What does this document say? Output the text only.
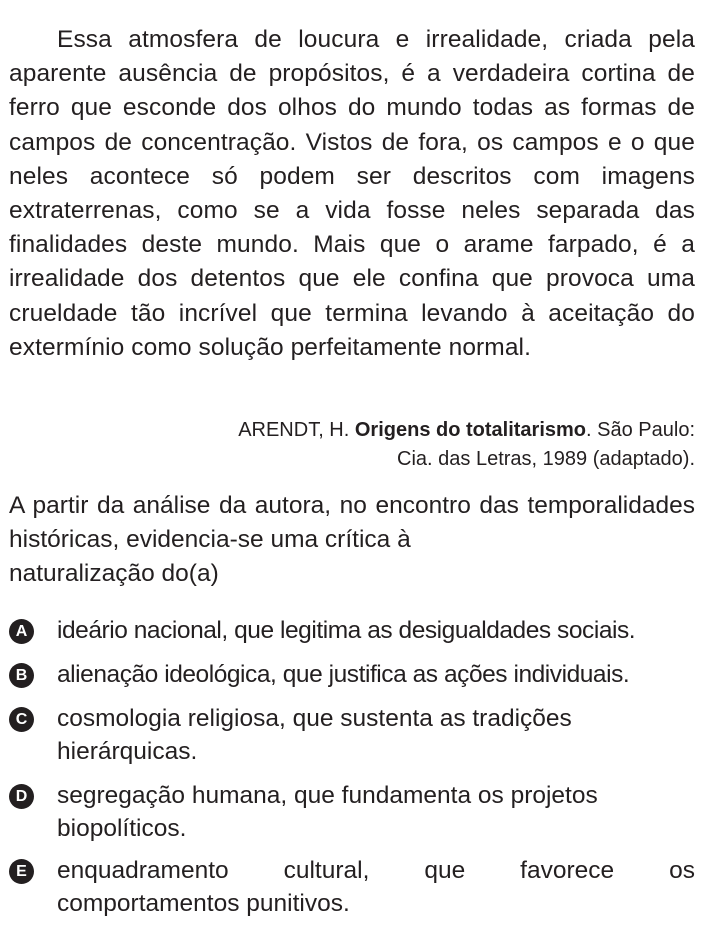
Essa atmosfera de loucura e irrealidade, criada pela aparente ausência de propósitos, é a verdadeira cortina de ferro que esconde dos olhos do mundo todas as formas de campos de concentração. Vistos de fora, os campos e o que neles acontece só podem ser descritos com imagens extraterrenas, como se a vida fosse neles separada das finalidades deste mundo. Mais que o arame farpado, é a irrealidade dos detentos que ele confina que provoca uma crueldade tão incrível que termina levando à aceitação do extermínio como solução perfeitamente normal.
ARENDT, H. Origens do totalitarismo. São Paulo:
Cia. das Letras, 1989 (adaptado).
A partir da análise da autora, no encontro das temporalidades históricas, evidencia-se uma crítica à
naturalização do(a)
A ideário nacional, que legitima as desigualdades sociais.
B alienação ideológica, que justifica as ações individuais.
C cosmologia religiosa, que sustenta as tradições
hierárquicas.
D segregação humana, que fundamenta os projetos
biopolíticos.
E enquadramento cultural, que favorece os
comportamentos punitivos.
